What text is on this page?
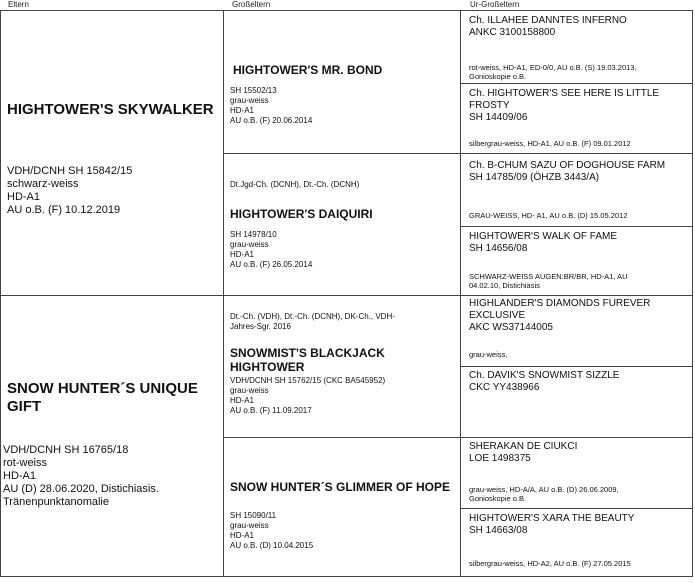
Eltern	Großeltern	Ur-Großeltern
HIGHTOWER'S SKYWALKER
VDH/DCNH SH 15842/15
schwarz-weiss
HD-A1
AU o.B. (F) 10.12.2019
SNOW HUNTER´S UNIQUE GIFT
VDH/DCNH SH 16765/18
rot-weiss
HD-A1
AU (D) 28.06.2020, Distichiasis.
Tränenpunktanomalie
HIGHTOWER'S MR. BOND
SH 15502/13
grau-weiss
HD-A1
AU o.B. (F) 20.06.2014
Dt.Jgd-Ch. (DCNH), Dt.-Ch. (DCNH)
HIGHTOWER'S DAIQUIRI
SH 14978/10
grau-weiss
HD-A1
AU o.B. (F) 26.05.2014
Dt.-Ch. (VDH), Dt.-Ch. (DCNH), DK-Ch., VDH-
Jahres-Sgr. 2016
SNOWMIST'S BLACKJACK HIGHTOWER
VDH/DCNH SH 15762/15 (CKC BA545952)
grau-weiss
HD-A1
AU o.B. (F) 11.09.2017
SNOW HUNTER´S GLIMMER OF HOPE
SH 15090/11
grau-weiss
HD-A1
AU o.B. (D) 10.04.2015
Ch. ILLAHEE DANNTES INFERNO
ANKC 3100158800
rot-weiss, HD-A1, ED-0/0, AU o.B. (S) 19.03.2013,
Gonioskopie o.B.
Ch. HIGHTOWER'S SEE HERE IS LITTLE
FROSTY
SH 14409/06
silbergrau-weiss, HD-A1, AU o.B. (F) 09.01.2012
Ch. B-CHUM SAZU OF DOGHOUSE FARM
SH 14785/09 (ÖHZB 3443/A)
GRAU-WEISS, HD- A1, AU o.B. (D) 15.05.2012
HIGHTOWER'S WALK OF FAME
SH 14656/08
SCHWARZ-WEISS AUGEN:BR/BR, HD-A1, AU
04.02.10, Distichiasis
HIGHLANDER'S DIAMONDS FUREVER
EXCLUSIVE
AKC WS37144005
grau-weiss,
Ch. DAVIK'S SNOWMIST SIZZLE
CKC YY438966
SHERAKAN DE CIUKCI
LOE 1498375
grau-weiss, HD-A/A, AU o.B. (D) 26.06.2009,
Gonioskopie o.B.
HIGHTOWER'S XARA THE BEAUTY
SH 14663/08
silbergrau-weiss, HD-A2, AU o.B. (F) 27.05.2015
